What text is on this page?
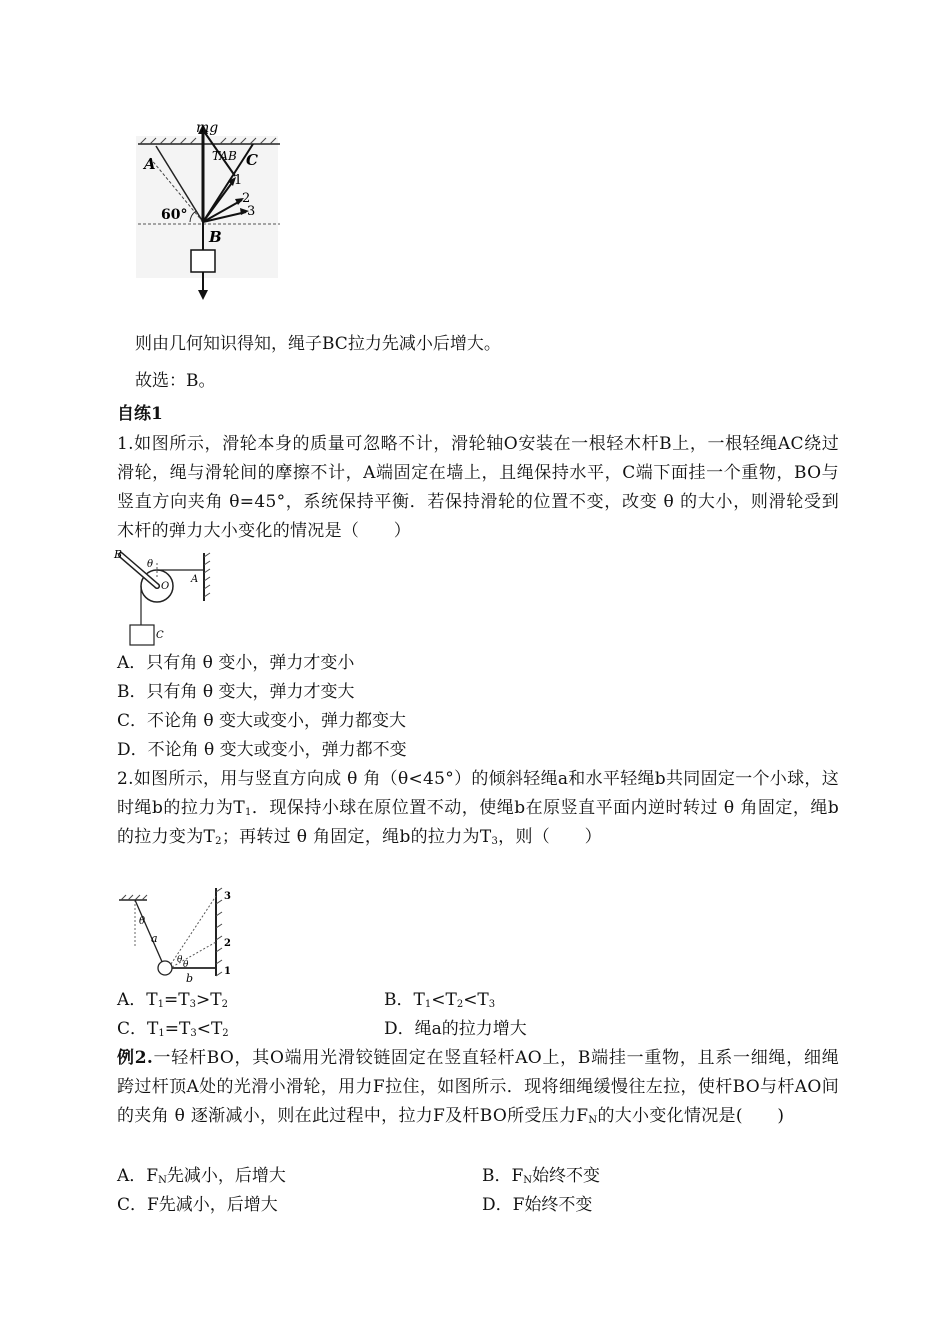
mg
A	C
B
TAB
60°
1
2
3
则由几何知识得知，绳子BC拉力先减小后增大。
故选：B。
自练1
1.如图所示，滑轮本身的质量可忽略不计，滑轮轴O安装在一根轻木杆B上，一根轻绳AC绕过滑轮，绳与滑轮间的摩擦不计，A端固定在墙上，且绳保持水平，C端下面挂一个重物，BO与竖直方向夹角 θ=45°，系统保持平衡．若保持滑轮的位置不变，改变 θ 的大小，则滑轮受到木杆的弹力大小变化的情况是（　　）
B
θ
O
A
C
A．只有角 θ 变小，弹力才变小
B．只有角 θ 变大，弹力才变大
C．不论角 θ 变大或变小，弹力都变大
D．不论角 θ 变大或变小，弹力都不变
2.如图所示，用与竖直方向成 θ 角（θ<45°）的倾斜轻绳a和水平轻绳b共同固定一个小球，这时绳b的拉力为$T_1$．现保持小球在原位置不动，使绳b在原竖直平面内逆时转过 θ 角固定，绳b的拉力变为$T_2$；再转过 θ 角固定，绳b的拉力为$T_3$，则（　　）
θ
a
b
θ θ
3
2
1
A．$T_1=T_3>T_2$	B．$T_1<T_2<T_3$
C．$T_1=T_3<T_2$	D．绳a的拉力增大
例2.一轻杆BO，其O端用光滑铰链固定在竖直轻杆AO上，B端挂一重物，且系一细绳，细绳跨过杆顶A处的光滑小滑轮，用力F拉住，如图所示．现将细绳缓慢往左拉，使杆BO与杆AO间的夹角 θ 逐渐减小，则在此过程中，拉力F及杆BO所受压力$F_N$的大小变化情况是(　　)
A．$F_N$先减小，后增大	B．$F_N$始终不变
C．F先减小，后增大	D．F始终不变
